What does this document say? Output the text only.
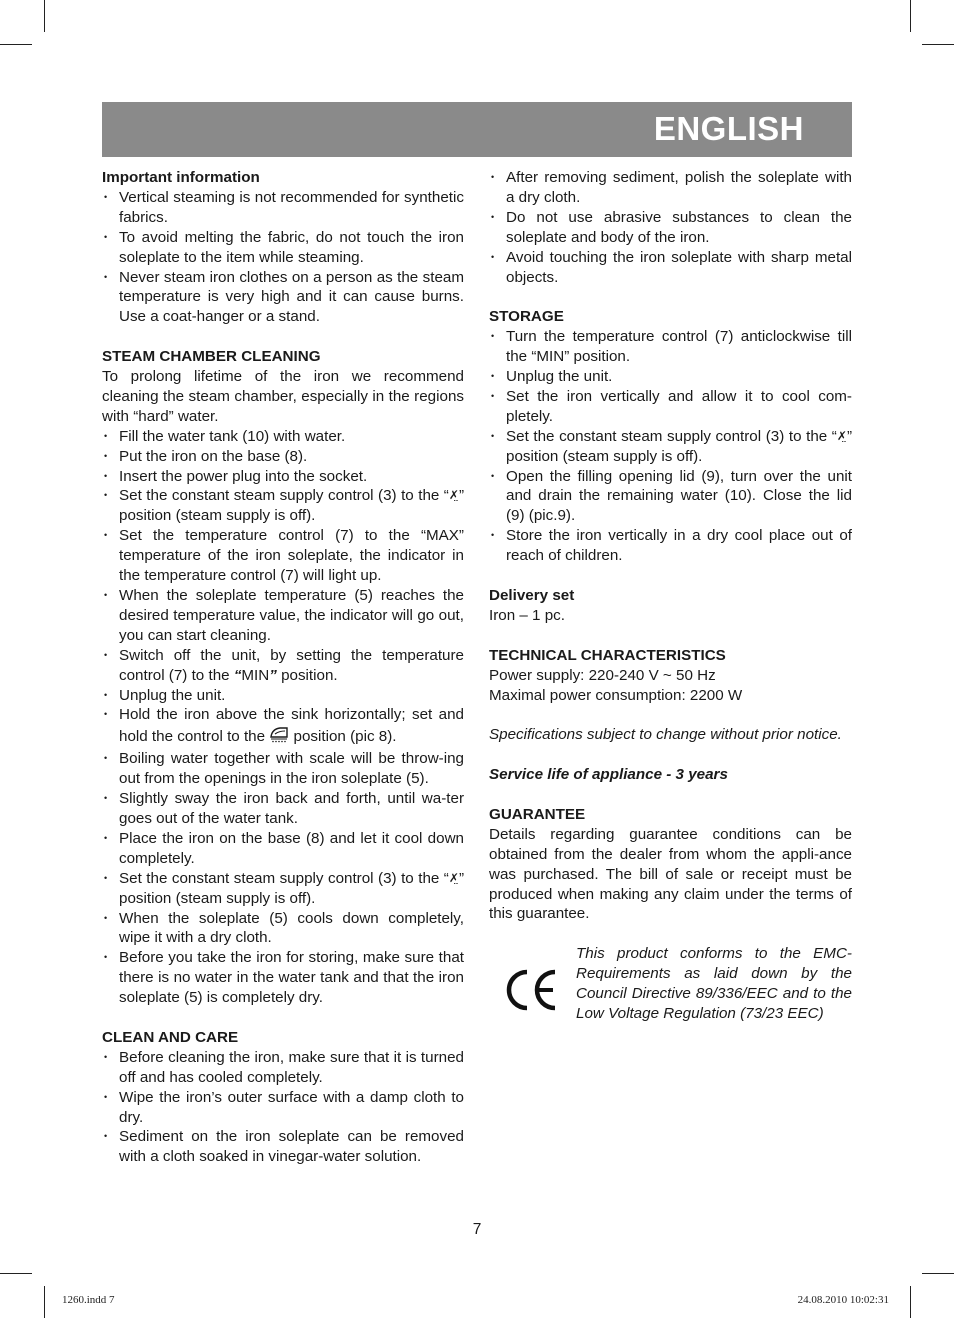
ENGLISH
Important information
• Vertical steaming is not recommended for synthetic fabrics.
• To avoid melting the fabric, do not touch the iron soleplate to the item while steaming.
• Never steam iron clothes on a person as the steam temperature is very high and it can cause burns. Use a coat-hanger or a stand.
STEAM CHAMBER CLEANING
To prolong lifetime of the iron we recommend cleaning the steam chamber, especially in the regions with “hard” water.
• Fill the water tank (10) with water.
• Put the iron on the base (8).
• Insert the power plug into the socket.
• Set the constant steam supply control (3) to the “✗̤” position (steam supply is off).
• Set the temperature control (7) to the “MAX” temperature of the iron soleplate, the indicator in the temperature control (7) will light up.
• When the soleplate temperature (5) reaches the desired temperature value, the indicator will go out, you can start cleaning.
• Switch off the unit, by setting the temperature control (7) to the “MIN” position.
• Unplug the unit.
• Hold the iron above the sink horizontally; set and hold the control to the  position (pic 8).
• Boiling water together with scale will be throw-ing out from the openings in the iron soleplate (5).
• Slightly sway the iron back and forth, until wa-ter goes out of the water tank.
• Place the iron on the base (8) and let it cool down completely.
• Set the constant steam supply control (3) to the “✗̤” position (steam supply is off).
• When the soleplate (5) cools down completely, wipe it with a dry cloth.
• Before you take the iron for storing, make sure that there is no water in the water tank and that the iron soleplate (5) is completely dry.
CLEAN AND CARE
• Before cleaning the iron, make sure that it is turned off and has cooled completely.
• Wipe the iron’s outer surface with a damp cloth to dry.
• Sediment on the iron soleplate can be removed with a cloth soaked in vinegar-water solution.
• After removing sediment, polish the soleplate with a dry cloth.
• Do not use abrasive substances to clean the soleplate and body of the iron.
• Avoid touching the iron soleplate with sharp metal objects.
STORAGE
• Turn the temperature control (7) anticlockwise till the “MIN” position.
• Unplug the unit.
• Set the iron vertically and allow it to cool com-pletely.
• Set the constant steam supply control (3) to the “✗̤” position (steam supply is off).
• Open the filling opening lid (9), turn over the unit and drain the remaining water (10). Close the lid (9) (pic.9).
• Store the iron vertically in a dry cool place out of reach of children.
Delivery set
Iron – 1 pc.
TECHNICAL CHARACTERISTICS
Power supply: 220-240 V ~ 50 Hz
Maximal power consumption: 2200 W
Specifications subject to change without prior notice.
Service life of appliance - 3 years
GUARANTEE
Details regarding guarantee conditions can be obtained from the dealer from whom the appli-ance was purchased. The bill of sale or receipt must be produced when making any claim under the terms of this guarantee.
This product conforms to the EMC-Requirements as laid down by the Council Directive 89/336/EEC and to the Low Voltage Regulation (73/23 EEC)
7
1260.indd 7	24.08.2010 10:02:31
